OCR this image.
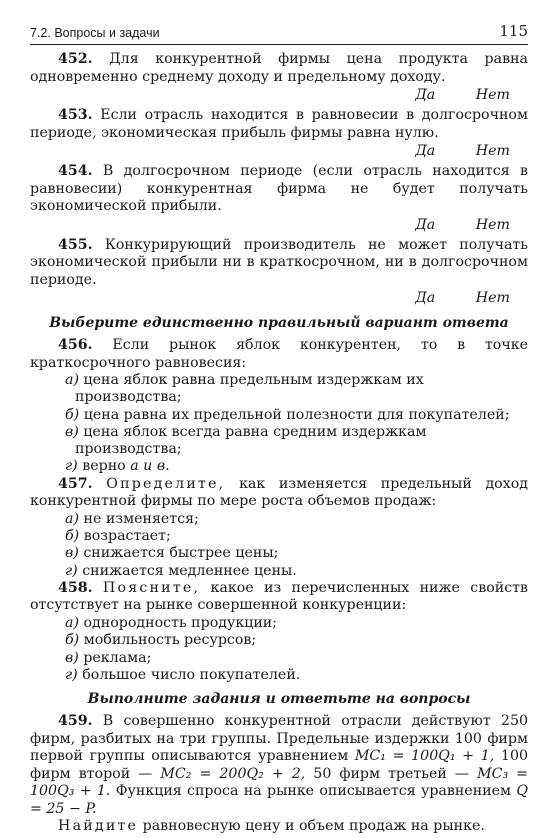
7.2. Вопросы и задачи	115

452. Для конкурентной фирмы цена продукта равна одновременно среднему доходу и предельному доходу.

Да	Нет

453. Если отрасль находится в равновесии в долгосрочном периоде, экономическая прибыль фирмы равна нулю.

Да	Нет

454. В долгосрочном периоде (если отрасль находится в равновесии) конкурентная фирма не будет получать экономической прибыли.

Да	Нет

455. Конкурирующий производитель не может получать экономической прибыли ни в краткосрочном, ни в долгосрочном периоде.

Да	Нет

Выберите единственно правильный вариант ответа

456. Если рынок яблок конкурентен, то в точке краткосрочного равновесия:

а) цена яблок равна предельным издержкам их производства;

б) цена равна их предельной полезности для покупателей;

в) цена яблок всегда равна средним издержкам производства;

г) верно а и в.

457. Определите, как изменяется предельный доход конкурентной фирмы по мере роста объемов продаж:

а) не изменяется;

б) возрастает;

в) снижается быстрее цены;

г) снижается медленнее цены.

458. Поясните, какое из перечисленных ниже свойств отсутствует на рынке совершенной конкуренции:

а) однородность продукции;

б) мобильность ресурсов;

в) реклама;

г) большое число покупателей.

Выполните задания и ответьте на вопросы

459. В совершенно конкурентной отрасли действуют 250 фирм, разбитых на три группы. Предельные издержки 100 фирм первой группы описываются уравнением MC₁ = 100Q₁ + 1, 100 фирм второй — MC₂ = 200Q₂ + 2, 50 фирм третьей — MC₃ = 100Q₃ + 1. Функция спроса на рынке описывается уравнением Q = 25 − P.

Найдите равновесную цену и объем продаж на рынке.
